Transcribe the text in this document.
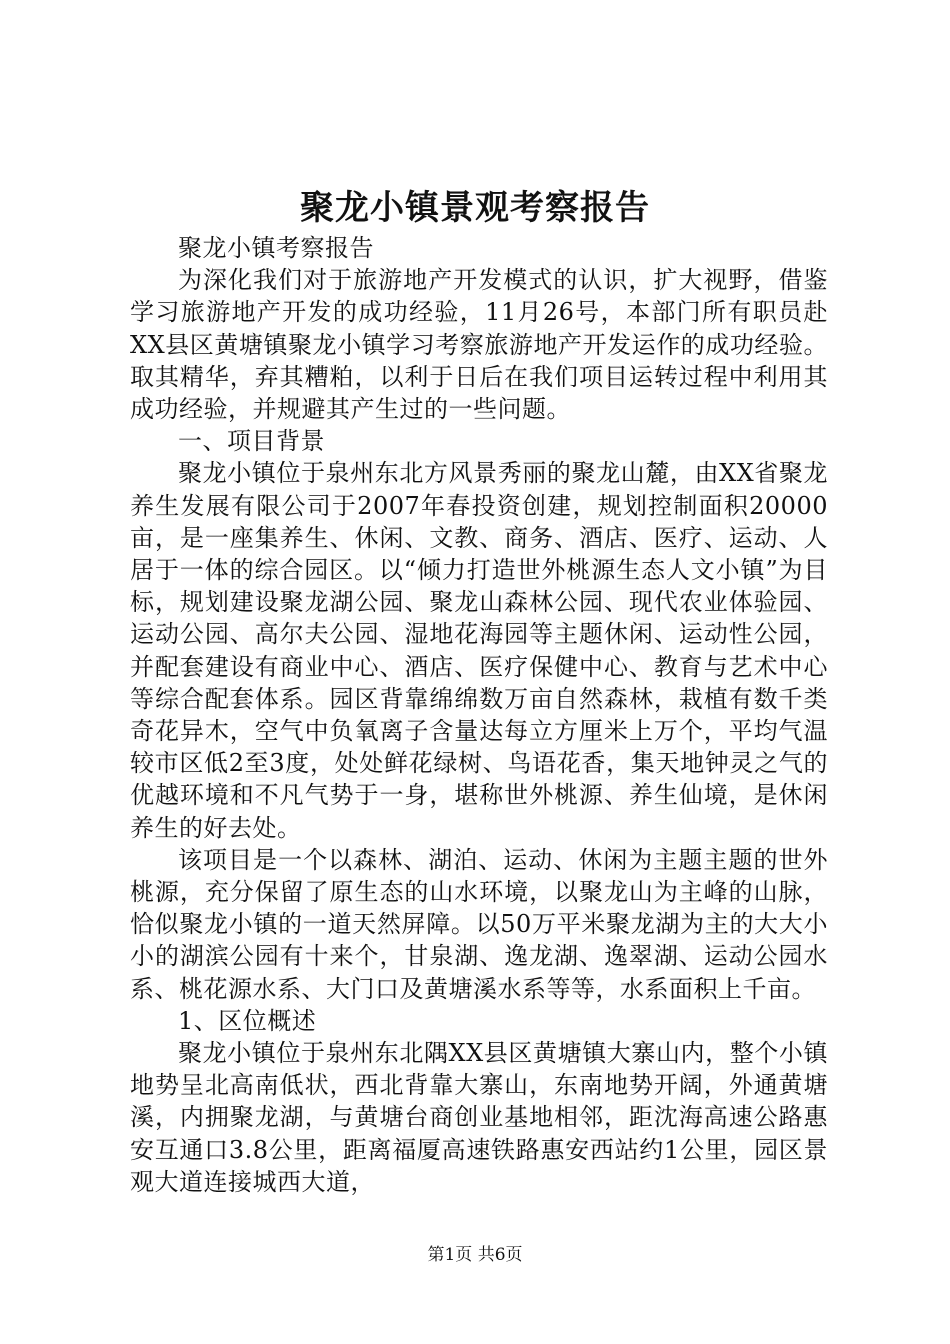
聚龙小镇景观考察报告

聚龙小镇考察报告

为深化我们对于旅游地产开发模式的认识，扩大视野，借鉴学习旅游地产开发的成功经验，11月26号，本部门所有职员赴XX县区黄塘镇聚龙小镇学习考察旅游地产开发运作的成功经验。取其精华，弃其糟粕，以利于日后在我们项目运转过程中利用其成功经验，并规避其产生过的一些问题。

一、项目背景

聚龙小镇位于泉州东北方风景秀丽的聚龙山麓，由XX省聚龙养生发展有限公司于2007年春投资创建，规划控制面积20000亩，是一座集养生、休闲、文教、商务、酒店、医疗、运动、人居于一体的综合园区。以“倾力打造世外桃源生态人文小镇”为目标，规划建设聚龙湖公园、聚龙山森林公园、现代农业体验园、运动公园、高尔夫公园、湿地花海园等主题休闲、运动性公园，并配套建设有商业中心、酒店、医疗保健中心、教育与艺术中心等综合配套体系。园区背靠绵绵数万亩自然森林，栽植有数千类奇花异木，空气中负氧离子含量达每立方厘米上万个，平均气温较市区低2至3度，处处鲜花绿树、鸟语花香，集天地钟灵之气的优越环境和不凡气势于一身，堪称世外桃源、养生仙境，是休闲养生的好去处。

该项目是一个以森林、湖泊、运动、休闲为主题主题的世外桃源，充分保留了原生态的山水环境，以聚龙山为主峰的山脉，恰似聚龙小镇的一道天然屏障。以50万平米聚龙湖为主的大大小小的湖滨公园有十来个，甘泉湖、逸龙湖、逸翠湖、运动公园水系、桃花源水系、大门口及黄塘溪水系等等，水系面积上千亩。

1、区位概述

聚龙小镇位于泉州东北隅XX县区黄塘镇大寨山内，整个小镇地势呈北高南低状，西北背靠大寨山，东南地势开阔，外通黄塘溪，内拥聚龙湖，与黄塘台商创业基地相邻，距沈海高速公路惠安互通口3.8公里，距离福厦高速铁路惠安西站约1公里，园区景观大道连接城西大道，

第1页 共6页
